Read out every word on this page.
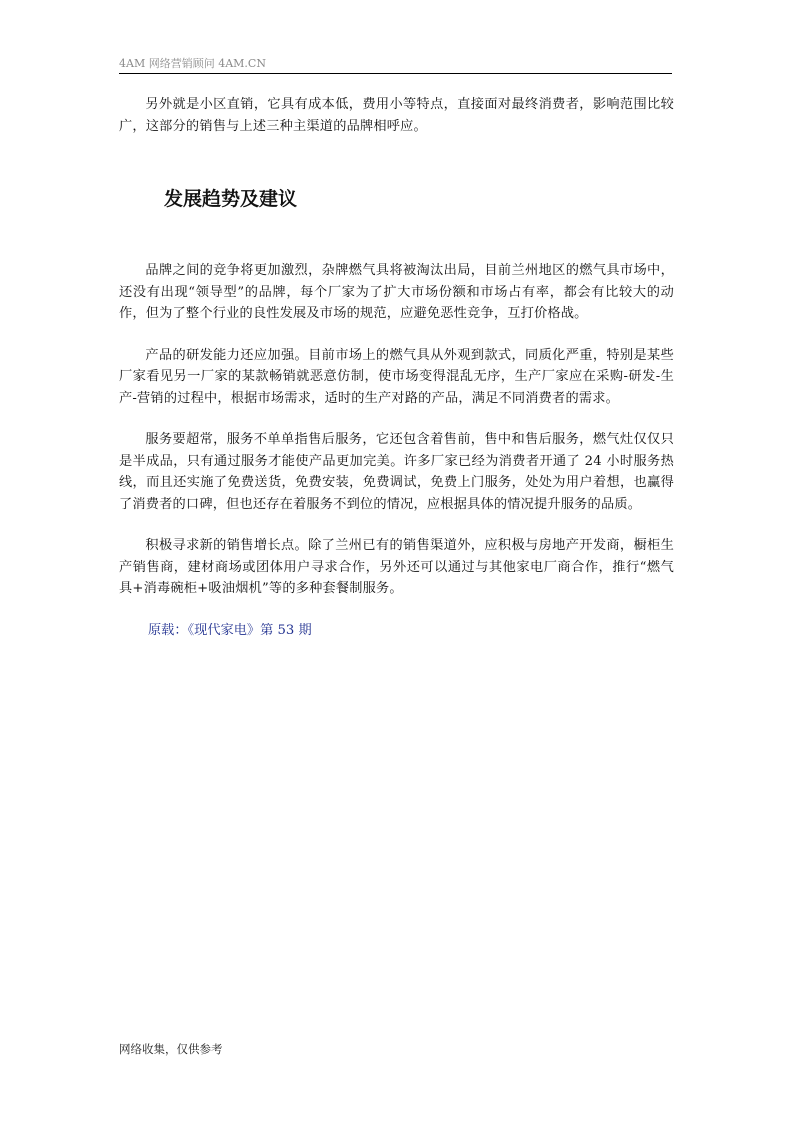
4AM 网络营销顾问 4AM.CN

另外就是小区直销，它具有成本低，费用小等特点，直接面对最终消费者，影响范围比较广，这部分的销售与上述三种主渠道的品牌相呼应。

发展趋势及建议

品牌之间的竞争将更加激烈，杂牌燃气具将被淘汰出局，目前兰州地区的燃气具市场中，还没有出现“领导型”的品牌，每个厂家为了扩大市场份额和市场占有率，都会有比较大的动作，但为了整个行业的良性发展及市场的规范，应避免恶性竞争，互打价格战。

产品的研发能力还应加强。目前市场上的燃气具从外观到款式，同质化严重，特别是某些厂家看见另一厂家的某款畅销就恶意仿制，使市场变得混乱无序，生产厂家应在采购-研发-生产-营销的过程中，根据市场需求，适时的生产对路的产品，满足不同消费者的需求。

服务要超常，服务不单单指售后服务，它还包含着售前，售中和售后服务，燃气灶仅仅只是半成品，只有通过服务才能使产品更加完美。许多厂家已经为消费者开通了 24 小时服务热线，而且还实施了免费送货，免费安装，免费调试，免费上门服务，处处为用户着想，也赢得了消费者的口碑，但也还存在着服务不到位的情况，应根据具体的情况提升服务的品质。

积极寻求新的销售增长点。除了兰州已有的销售渠道外，应积极与房地产开发商，橱柜生产销售商，建材商场或团体用户寻求合作，另外还可以通过与其他家电厂商合作，推行“燃气具+消毒碗柜+吸油烟机”等的多种套餐制服务。

原载：《现代家电》第 53 期

网络收集，仅供参考
